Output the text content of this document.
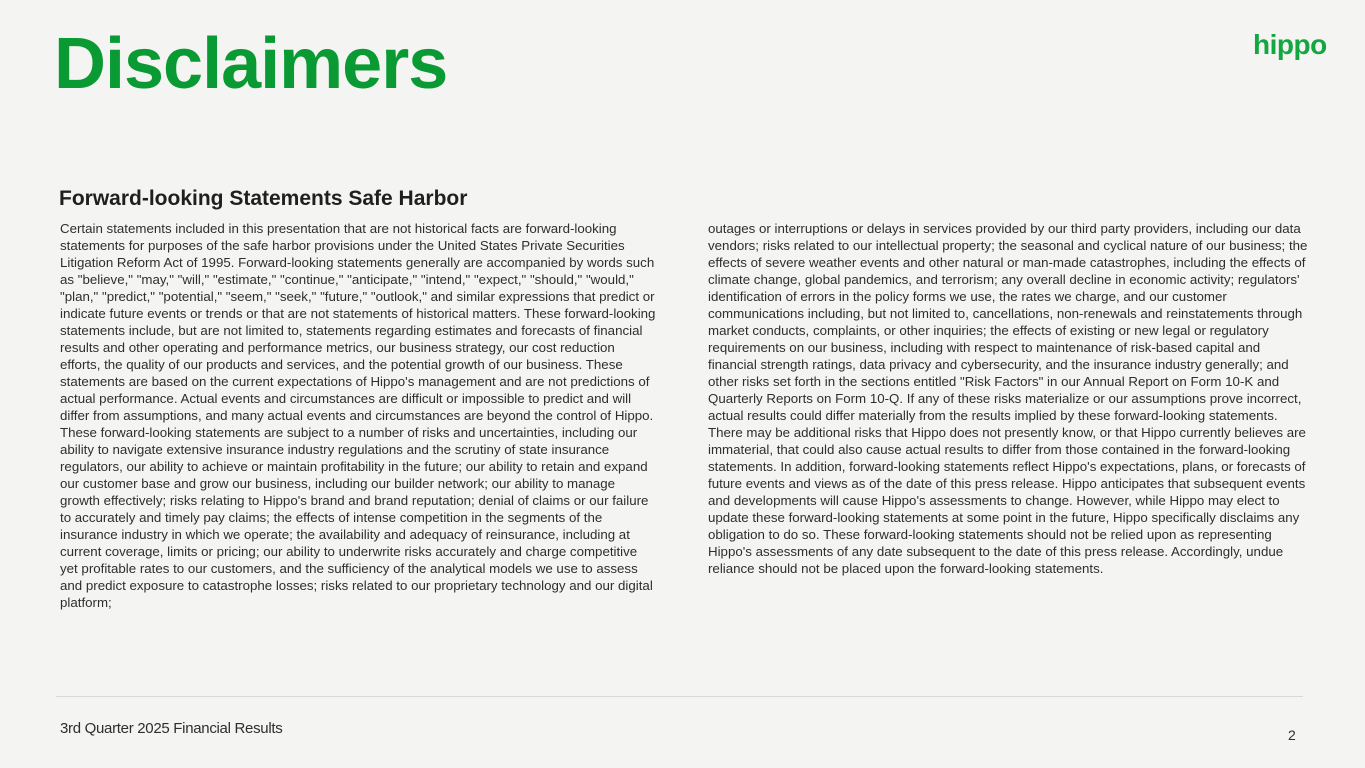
Disclaimers	hippo
Forward-looking Statements Safe Harbor

Certain statements included in this presentation that are not historical facts are forward-looking statements for purposes of the safe harbor provisions under the United States Private Securities Litigation Reform Act of 1995. Forward-looking statements generally are accompanied by words such as "believe," "may," "will," "estimate," "continue," "anticipate," "intend," "expect," "should," "would," "plan," "predict," "potential," "seem," "seek," "future," "outlook," and similar expressions that predict or indicate future events or trends or that are not statements of historical matters. These forward-looking statements include, but are not limited to, statements regarding estimates and forecasts of financial results and other operating and performance metrics, our business strategy, our cost reduction efforts, the quality of our products and services, and the potential growth of our business. These statements are based on the current expectations of Hippo's management and are not predictions of actual performance. Actual events and circumstances are difficult or impossible to predict and will differ from assumptions, and many actual events and circumstances are beyond the control of Hippo. These forward-looking statements are subject to a number of risks and uncertainties, including our ability to navigate extensive insurance industry regulations and the scrutiny of state insurance regulators, our ability to achieve or maintain profitability in the future; our ability to retain and expand our customer base and grow our business, including our builder network; our ability to manage growth effectively; risks relating to Hippo's brand and brand reputation; denial of claims or our failure to accurately and timely pay claims; the effects of intense competition in the segments of the insurance industry in which we operate; the availability and adequacy of reinsurance, including at current coverage, limits or pricing; our ability to underwrite risks accurately and charge competitive yet profitable rates to our customers, and the sufficiency of the analytical models we use to assess and predict exposure to catastrophe losses; risks related to our proprietary technology and our digital platform;

outages or interruptions or delays in services provided by our third party providers, including our data vendors; risks related to our intellectual property; the seasonal and cyclical nature of our business; the effects of severe weather events and other natural or man-made catastrophes, including the effects of climate change, global pandemics, and terrorism; any overall decline in economic activity; regulators' identification of errors in the policy forms we use, the rates we charge, and our customer communications including, but not limited to, cancellations, non-renewals and reinstatements through market conducts, complaints, or other inquiries; the effects of existing or new legal or regulatory requirements on our business, including with respect to maintenance of risk-based capital and financial strength ratings, data privacy and cybersecurity, and the insurance industry generally; and other risks set forth in the sections entitled "Risk Factors" in our Annual Report on Form 10-K and Quarterly Reports on Form 10-Q. If any of these risks materialize or our assumptions prove incorrect, actual results could differ materially from the results implied by these forward-looking statements. There may be additional risks that Hippo does not presently know, or that Hippo currently believes are immaterial, that could also cause actual results to differ from those contained in the forward-looking statements. In addition, forward-looking statements reflect Hippo's expectations, plans, or forecasts of future events and views as of the date of this press release. Hippo anticipates that subsequent events and developments will cause Hippo's assessments to change. However, while Hippo may elect to update these forward-looking statements at some point in the future, Hippo specifically disclaims any obligation to do so. These forward-looking statements should not be relied upon as representing Hippo's assessments of any date subsequent to the date of this press release. Accordingly, undue reliance should not be placed upon the forward-looking statements.

3rd Quarter 2025 Financial Results	2
